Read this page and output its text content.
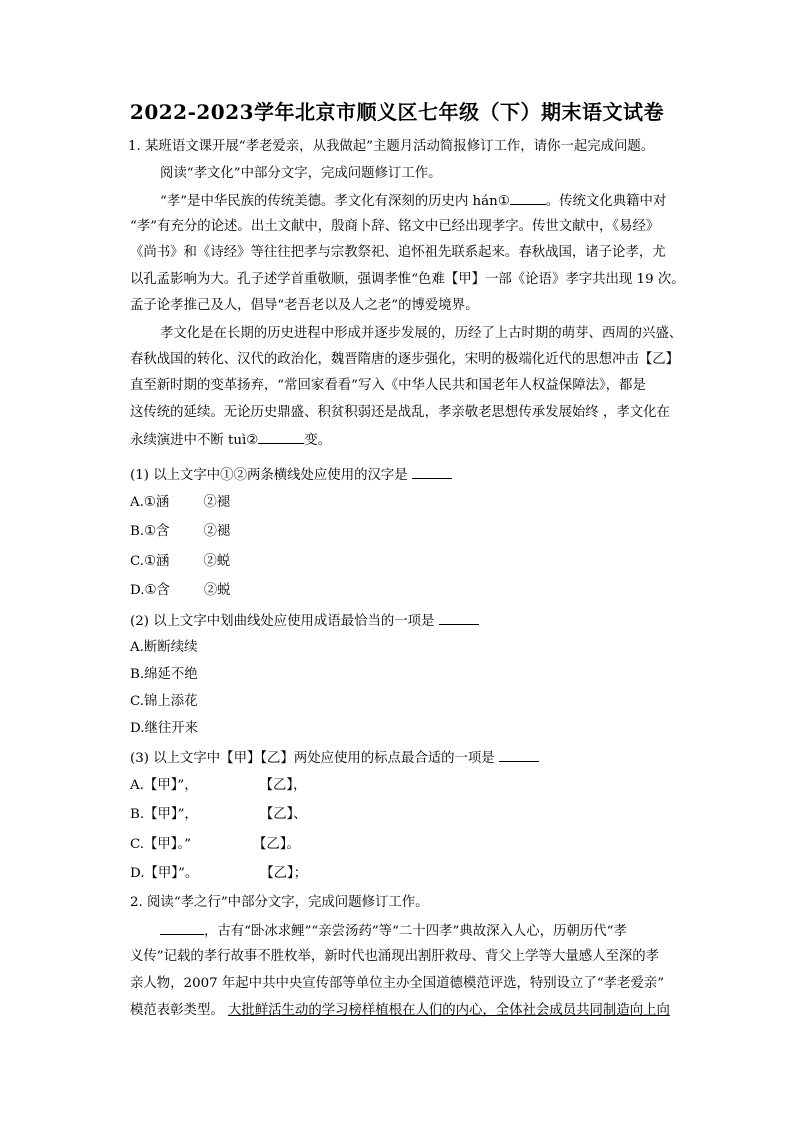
2022-2023学年北京市顺义区七年级（下）期末语文试卷
1. 某班语文课开展“孝老爱亲，从我做起”主题月活动简报修订工作，请你一起完成问题。
阅读“孝文化”中部分文字，完成问题修订工作。
“孝”是中华民族的传统美德。孝文化有深刻的历史内 hán①	。传统文化典籍中对
“孝”有充分的论述。出土文献中，殷商卜辞、铭文中已经出现孝字。传世文献中，《易经》
《尚书》和《诗经》等往往把孝与宗教祭祀、追怀祖先联系起来。春秋战国，诸子论孝，尤
以孔孟影响为大。孔子述学首重敬顺，强调孝惟“色难【甲】一部《论语》孝字共出现 19 次。
孟子论孝推己及人，倡导“老吾老以及人之老”的博爱境界。
孝文化是在长期的历史进程中形成并逐步发展的，历经了上古时期的萌芽、西周的兴盛、
春秋战国的转化、汉代的政治化，魏晋隋唐的逐步强化，宋明的极端化近代的思想冲击【乙】
直至新时期的变革扬弃，“常回家看看”写入《中华人民共和国老年人权益保障法》，都是
这传统的延续。无论历史鼎盛、积贫积弱还是战乱，孝亲敬老思想传承发展始终 ，孝文化在
永续演进中不断 tuì②	变。
(1) 以上文字中①②两条横线处应使用的汉字是
A.①涵	②褪
B.①含	②褪
C.①涵	②蜕
D.①含	②蜕
(2) 以上文字中划曲线处应使用成语最恰当的一项是
A.断断续续
B.绵延不绝
C.锦上添花
D.继往开来
(3) 以上文字中【甲】【乙】两处应使用的标点最合适的一项是
A.【甲】”，	【乙】，
B.【甲】”，	【乙】、
C.【甲】。”	【乙】。
D.【甲】”。	【乙】；
2. 阅读“孝之行”中部分文字，完成问题修订工作。
，古有“卧冰求鲤”“亲尝汤药”等“二十四孝”典故深入人心，历朝历代“孝
义传”记载的孝行故事不胜枚举，新时代也涌现出割肝救母、背父上学等大量感人至深的孝
亲人物，2007 年起中共中央宣传部等单位主办全国道德模范评选，特别设立了“孝老爱亲”
模范表彰类型。 大批鲜活生动的学习榜样植根在人们的内心，全体社会成员共同制造向上向
